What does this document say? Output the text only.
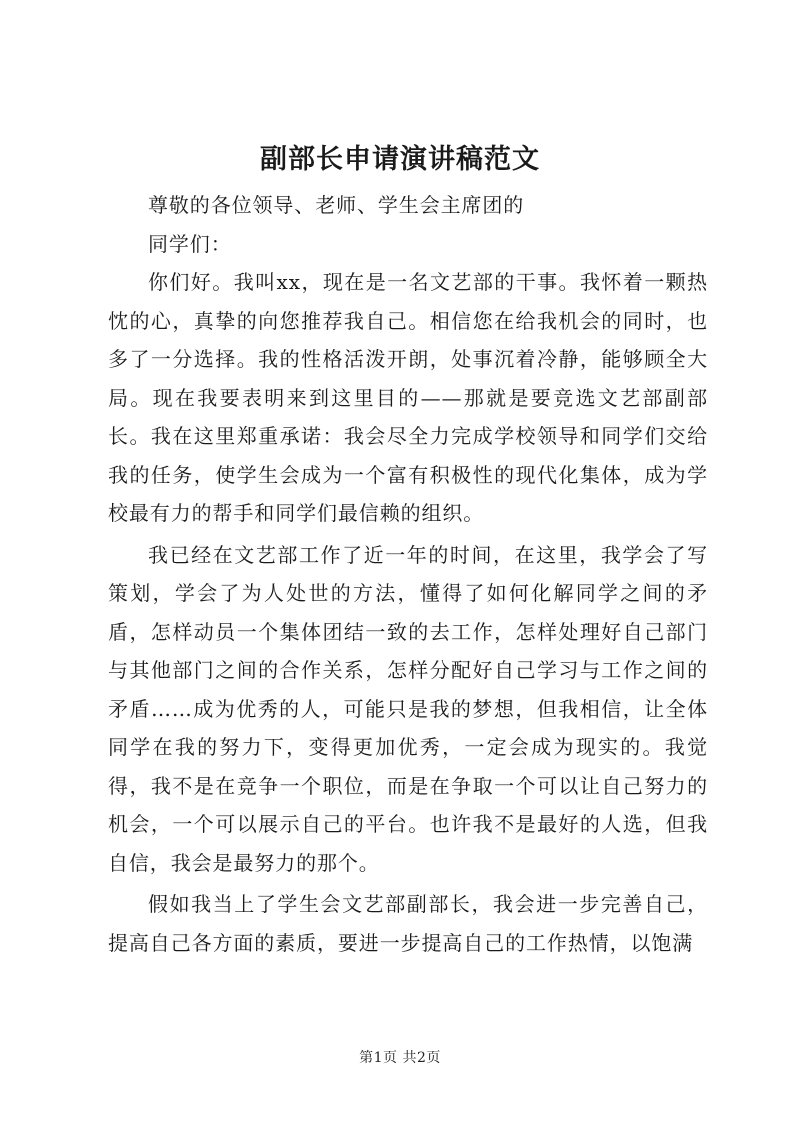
副部长申请演讲稿范文

尊敬的各位领导、老师、学生会主席团的

同学们：

你们好。我叫xx，现在是一名文艺部的干事。我怀着一颗热忱的心，真挚的向您推荐我自己。相信您在给我机会的同时，也多了一分选择。我的性格活泼开朗，处事沉着冷静，能够顾全大局。现在我要表明来到这里目的——那就是要竞选文艺部副部长。我在这里郑重承诺：我会尽全力完成学校领导和同学们交给我的任务，使学生会成为一个富有积极性的现代化集体，成为学校最有力的帮手和同学们最信赖的组织。

我已经在文艺部工作了近一年的时间，在这里，我学会了写策划，学会了为人处世的方法，懂得了如何化解同学之间的矛盾，怎样动员一个集体团结一致的去工作，怎样处理好自己部门与其他部门之间的合作关系，怎样分配好自己学习与工作之间的矛盾……成为优秀的人，可能只是我的梦想，但我相信，让全体同学在我的努力下，变得更加优秀，一定会成为现实的。我觉得，我不是在竞争一个职位，而是在争取一个可以让自己努力的机会，一个可以展示自己的平台。也许我不是最好的人选，但我自信，我会是最努力的那个。

假如我当上了学生会文艺部副部长，我会进一步完善自己，提高自己各方面的素质，要进一步提高自己的工作热情，以饱满

第1页 共2页
